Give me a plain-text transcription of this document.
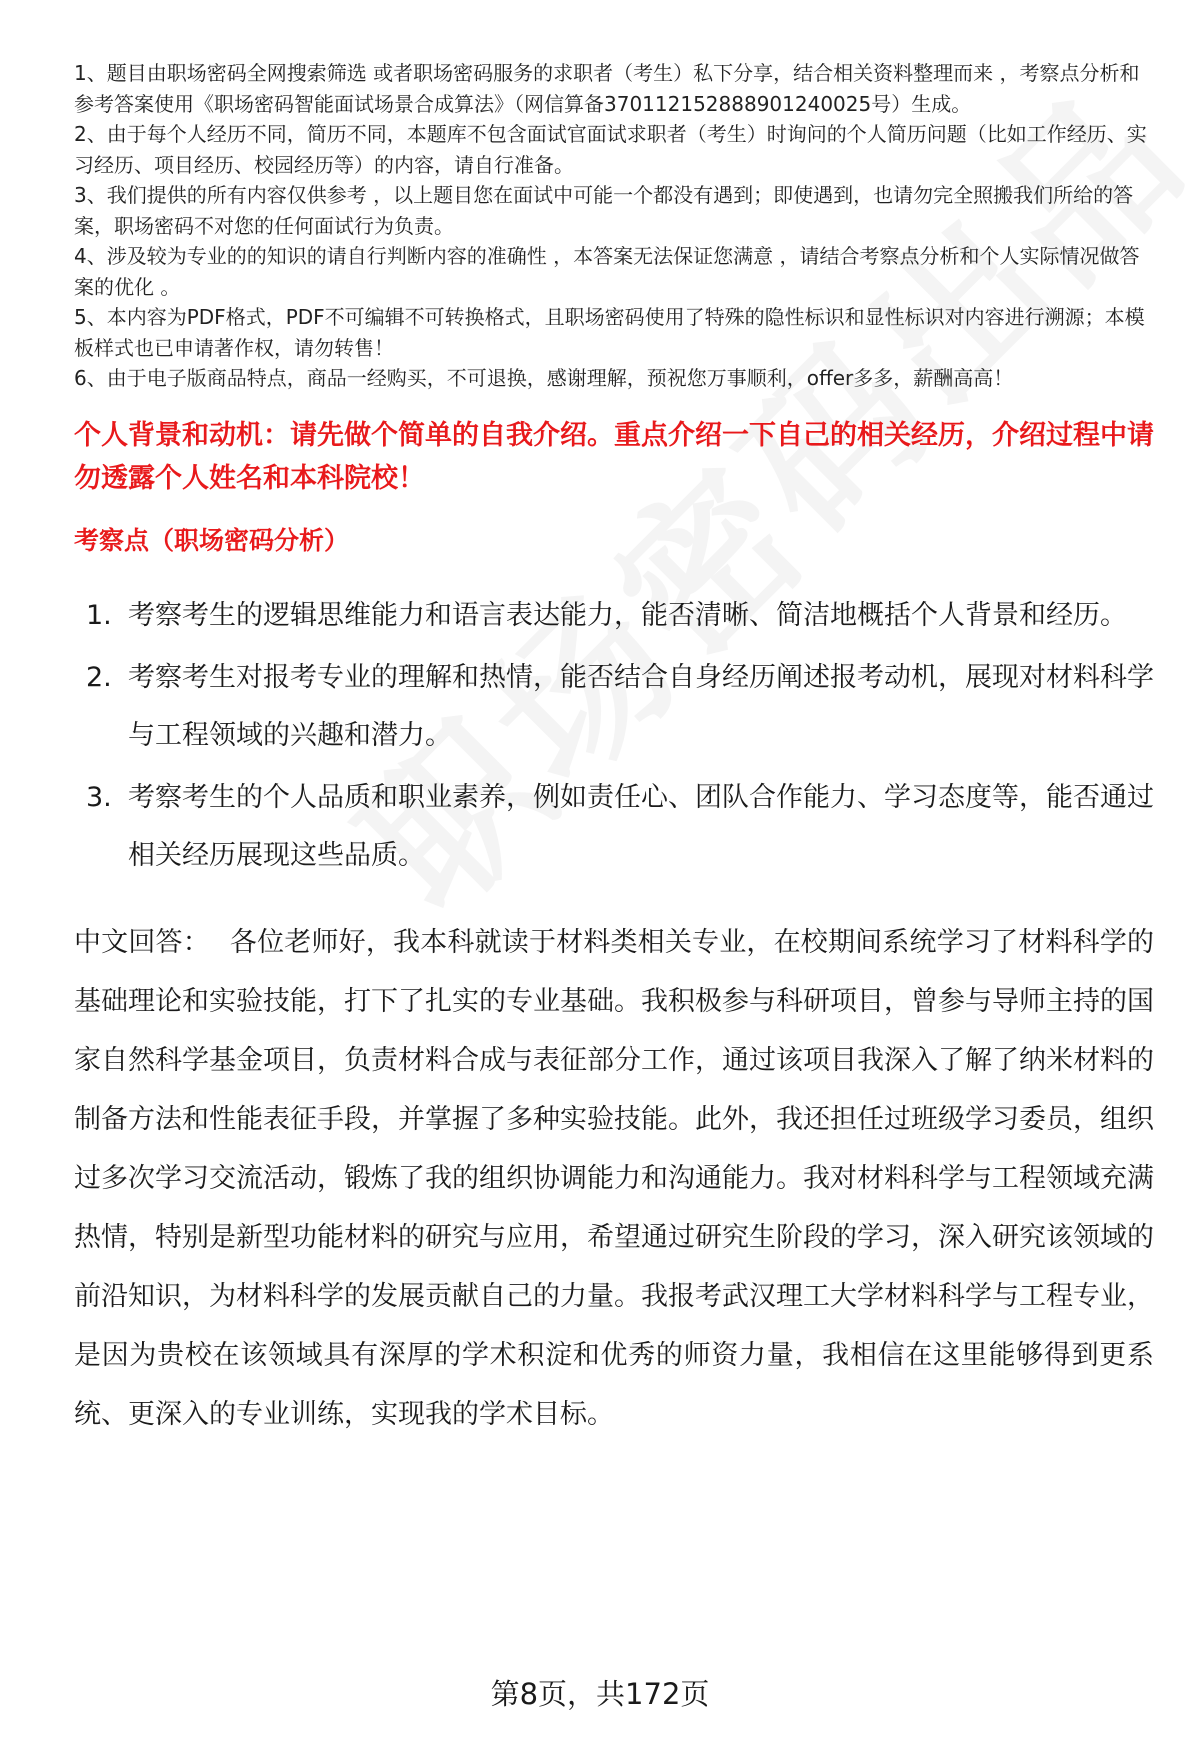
1、题目由职场密码全网搜索筛选 或者职场密码服务的求职者（考生）私下分享，结合相关资料整理而来 ，考察点分析和参考答案使用《职场密码智能面试场景合成算法》（网信算备370112152888901240025号）生成。
2、由于每个人经历不同，简历不同，本题库不包含面试官面试求职者（考生）时询问的个人简历问题（比如工作经历、实习经历、项目经历、校园经历等）的内容，请自行准备。
3、我们提供的所有内容仅供参考 ，以上题目您在面试中可能一个都没有遇到；即使遇到，也请勿完全照搬我们所给的答案，职场密码不对您的任何面试行为负责。
4、涉及较为专业的的知识的请自行判断内容的准确性 ，本答案无法保证您满意 ，请结合考察点分析和个人实际情况做答案的优化 。
5、本内容为PDF格式，PDF不可编辑不可转换格式，且职场密码使用了特殊的隐性标识和显性标识对内容进行溯源；本模板样式也已申请著作权，请勿转售！
6、由于电子版商品特点，商品一经购买，不可退换，感谢理解，预祝您万事顺利，offer多多，薪酬高高！
个人背景和动机：请先做个简单的自我介绍。重点介绍一下自己的相关经历，介绍过程中请勿透露个人姓名和本科院校！
考察点（职场密码分析）
1. 考察考生的逻辑思维能力和语言表达能力，能否清晰、简洁地概括个人背景和经历。
2. 考察考生对报考专业的理解和热情，能否结合自身经历阐述报考动机，展现对材料科学与工程领域的兴趣和潜力。
3. 考察考生的个人品质和职业素养，例如责任心、团队合作能力、学习态度等，能否通过相关经历展现这些品质。
中文回答： 各位老师好，我本科就读于材料类相关专业，在校期间系统学习了材料科学的基础理论和实验技能，打下了扎实的专业基础。我积极参与科研项目，曾参与导师主持的国家自然科学基金项目，负责材料合成与表征部分工作，通过该项目我深入了解了纳米材料的制备方法和性能表征手段，并掌握了多种实验技能。此外，我还担任过班级学习委员，组织过多次学习交流活动，锻炼了我的组织协调能力和沟通能力。我对材料科学与工程领域充满热情，特别是新型功能材料的研究与应用，希望通过研究生阶段的学习，深入研究该领域的前沿知识，为材料科学的发展贡献自己的力量。我报考武汉理工大学材料科学与工程专业，是因为贵校在该领域具有深厚的学术积淀和优秀的师资力量，我相信在这里能够得到更系统、更深入的专业训练，实现我的学术目标。
第8页，共172页
